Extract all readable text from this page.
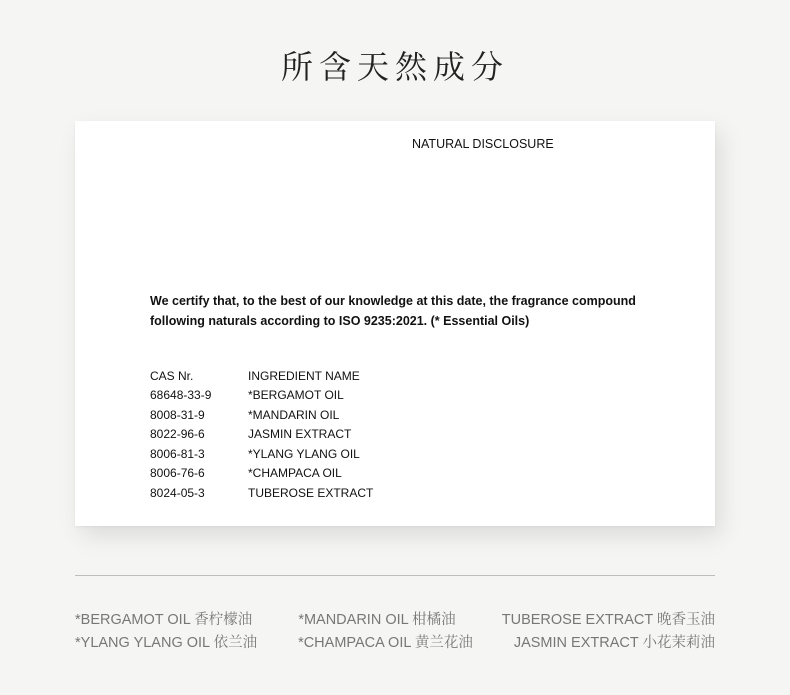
所含天然成分
NATURAL DISCLOSURE
We certify that, to the best of our knowledge at this date, the fragrance compound following naturals according to ISO 9235:2021. (* Essential Oils)
CAS Nr.	INGREDIENT NAME
68648-33-9	*BERGAMOT OIL
8008-31-9	*MANDARIN OIL
8022-96-6	JASMIN EXTRACT
8006-81-3	*YLANG YLANG OIL
8006-76-6	*CHAMPACA OIL
8024-05-3	TUBEROSE EXTRACT
*BERGAMOT OIL 香柠檬油	*MANDARIN OIL 柑橘油	TUBEROSE EXTRACT 晚香玉油
*YLANG YLANG OIL 依兰油	*CHAMPACA OIL 黄兰花油	JASMIN EXTRACT 小花茉莉油
